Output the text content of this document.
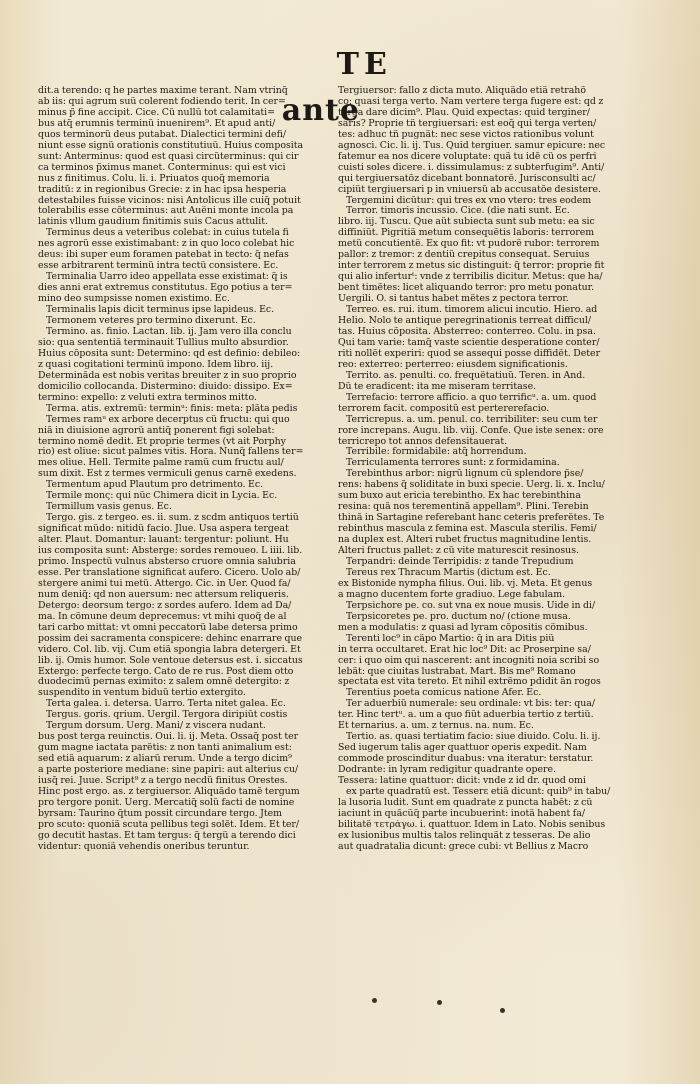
T ante
E
dit.a terendo: q he partes maxime terant. Nam vtrinq̃
ab iis: qui agrum suũ colerent fodiendo terit. In cer=
minus p̃ fine accipit. Cice. Cũ nullũ tot calamitati=
bus atq̃ erumnis terminũ inuenirem⁹. Et apud anti/
quos terminorũ deus putabat. Dialectici termini defi/
niunt esse signũ orationis constitutiuũ. Huius composita
sunt: Anterminus: quod est quasi circũterminus: qui cir
ca terminos p̃ximus manet. Conterminus: qui est vici
nus z finitimus. Colu. li. i. Priuatos quoq̃ memoria
traditũ: z in regionibus Grecie: z in hac ipsa hesperia
detestabiles fuisse vicinos: nisi Antolicus ille cuiq̃ potuit
tolerabilis esse cõterminus: aut Auẽni monte incola pa
latinis vllum gaudium finitimis suis Cacus attulit.
Terminus deus a veteribus colebat: in cuius tutela fi
nes agrorũ esse existimabant: z in quo loco colebat hic
deus: ibi super eum foramen patebat in tecto: q̃ nefas
esse arbitrarent terminũ intra tectũ consistere. Ec.
Terminalia Uarro ideo appellata esse existimat: q̃ is
dies anni erat extremus constitutus. Ego potius a ter=
mino deo sumpsisse nomen existimo. Ec.
Terminalis lapis dicit terminus ipse lapideus. Ec.
Termonem veteres pro termino dixerunt. Ec.
Termino. as. finio. Lactan. lib. ij. Jam vero illa conclu
sio: qua sententiã terminauit Tullius multo absurdior.
Huius cõposita sunt: Determino: qd est definio: debileo:
z quasi cogitationi terminũ impono. Idem libro. iij.
Determinãda est nobis veritas breuiter z in suo proprio
domicilio collocanda. Distermino: diuido: dissipo. Ex=
termino: expello: z veluti extra terminos mitto.
Terma. atis. extremũ: terminᵘ: finis: meta: plãta pedis
Termes ramᵘ ex arbore decerptus cũ fructu: qui quo
niã in diuisione agrorũ antiq̃ ponerent figi solebat:
termino nomẽ dedit. Et proprie termes (vt ait Porphy
rio) est oliue: sicut palmes vitis. Hora. Nunq̃ fallens ter=
mes oliue. Hell. Termite palme ramũ cum fructu aul/
sum dixit. Est z termes vermiculi genus carnẽ exedens.
Termentum apud Plautum pro detrimento. Ec.
Termile monς: qui nũc Chimera dicit in Lycia. Ec.
Termillum vasis genus. Ec.
Tergo. gis. z tergeo. es. ii. sum. z scd̃m antiquos tertiũ
significat mũdo: nitidũ facio. Jlue. Usa aspera tergeat
alter. Plaut. Domantur: lauant: tergentur: poliunt. Hu
ius composita sunt: Absterge: sordes remoueo. L iiii. lib.
primo. Inspectũ vulnus absterso cruore omnia salubria
esse. Per translatione significat aufero. Cicero. Uolo ab/
stergere animi tui metũ. Attergo. Cic. in Uer. Quod fa/
num deniq̃: qd non auersum: nec attersum reliqueris.
Detergo: deorsum tergo: z sordes aufero. Idem ad Da/
ma. In cõmune deum deprecemus: vt mihi quoq̃ de al
tari carbo mittat: vt omni peccatorũ labe detersa primo
possim dei sacramenta conspicere: dehinc enarrare que
videro. Col. lib. vij. Cum etiã spongia labra detergeri. Et
lib. ij. Omis humor. Sole ventoue detersus est. i. siccatus
Extergo: perfecte tergo. Cato de re rus. Post diem otto
duodecimũ pernas eximito: z salem omnẽ detergito: z
suspendito in ventum biduũ tertio extergito.
Terta galea. i. detersa. Uarro. Terta nitet galea. Ec.
Tergus. goris. qrium. Uergil. Tergora diripiũt costis
Tergum dorsum. Uerg. Mani/ z viscera nudant.
bus post terga reuinctis. Oui. li. ij. Meta. Ossaq̃ post ter
gum magne iactata parẽtis: z non tanti animalium est:
sed etiã aquarum: z aliarũ rerum. Unde a tergo dicim⁹
a parte posteriore mediane: sine papiri: aut alterius cu/
iusq̃ rei. Juue. Script⁹ z a tergo necdũ finitus Orestes.
Hinc post ergo. as. z tergiuersor. Aliquãdo tamẽ tergum
pro tergore ponit. Uerg. Mercatiq̃ solũ facti de nomine
byrsam: Taurino q̃tum possit circundare tergo. Jtem
pro scuto: quoniã scuta pellibus tegi solẽt. Idem. Et ter/
go decutit hastas. Et tam tergus: q̃ tergũ a terendo dici
videntur: quoniã vehendis oneribus teruntur.
Tergiuersor: fallo z dicta muto. Aliquãdo etiã retrahõ
co: quasi terga verto. Nam vertere terga fugere est: qd z
terga dare dicim⁹. Plau. Quid expectas: quid terginer/
saris? Proprie tñ tergiuersari: est eoq̃ qui terga verten/
tes: adhuc tñ pugnãt: nec sese victos rationibus volunt
agnosci. Cic. li. ij. Tus. Quid tergiuer. samur epicure: nec
fatemur ea nos dicere voluptate: quã tu idẽ cũ os perfri
cuisti soles dicere. i. dissimulamus: z subterfugim⁹. Anti/
qui tergiuersatõz dicebant bonnatorẽ. Jurisconsulti ac/
cipiũt tergiuersari p in vniuersũ ab accusatõe desistere.
Tergemini dicũtur: qui tres ex vno vtero: tres eodem
Terror. timoris incussio. Cice. (die nati sunt. Ec.
libro. iij. Tuscu. Que aũt subiecta sunt sub metu: ea sic
diffiniũt. Pigritiã metum consequẽtis laboris: terrorem
metũ concutientẽ. Ex quo fit: vt pudorẽ rubor: terrorem
pallor: z tremor: z dentiũ crepitus consequat. Seruius
inter terrorem z metus sic distinguit: q̃ terror: proprie fit
qui alio inferturᵗ: vnde z terribilis dicitur. Metus: que ha/
bent timẽtes: licet aliquando terror: pro metu ponatur.
Uergili. O. si tantus habet mẽtes z pectora terror.
Terreo. es. rui. itum. timorem alicui incutio. Hiero. ad
Helio. Nolo te antique peregrinationis terreat difficul/
tas. Huius cõposita. Absterreo: conterreo. Colu. in psa.
Qui tam varie: tamq̃ vaste scientie desperatione conter/
riti nollẽt experiri: quod se assequi posse diffidẽt. Deter
reo: exterreo: perterreo: eiusdem significationis.
Territo. as. penulti. co. frequẽtatiuũ. Teren. in And.
Dũ te eradicent: ita me miseram territase.
Terrefacio: terrore afficio. a quo terrificᵘ. a. um. quod
terrorem facit. compositũ est pertererefacio.
Terricrepus. a. um. penul. co. terribiliter: seu cum ter
rore increpans. Augu. lib. viij. Confe. Que iste senex: ore
terricrepo tot annos defensitauerat.
Terribile: formidabile: atq̃ horrendum.
Terriculamenta terrores sunt: z formidamina.
Terebinthus arbor: nigrũ lignum cũ splendore p̃se/
rens: habens q̃ soliditate in buxi specie. Uerg. li. x. Inclu/
sum buxo aut ericia terebintho. Ex hac terebinthina
resina: quã nos terementinã appellam⁹. Plini. Terebin
thinã in Sartagine referebant hanc ceteris preferẽtes. Te
rebinthus mascula z femina est. Mascula sterilis. Femi/
na duplex est. Alteri rubet fructus magnitudine lentis.
Alteri fructus pallet: z cũ vite maturescit resinosus.
Terpandri: deinde Terripidis: z tande Trepudium
Tereus rex Thracum Martis (dictum est. Ec.
ex Bistonide nympha filius. Oui. lib. vj. Meta. Et genus
a magno ducentem forte gradiuo. Lege fabulam.
Terpsichore pe. co. sut vna ex noue musis. Uide in di/
Terpsicoretes pe. pro. ductum no/ (ctione musa.
men a modulatis: z quasi ad lyram cõpositis cõmibus.
Terenti loc⁹ in cãpo Martio: q̃ in ara Ditis piũ
in terra occultaret. Erat hic loc⁹ Dit: ac Proserpine sa/
cer: i quo oim qui nascerent: ant incogniti noia scribi so
lebãt: que ciuitas lustrabat. Mart. Bis me⁹ Romano
spectata est vita tereto. Et nihil extrẽmo pdidit ãn rogos
Terentius poeta comicus natione Afer. Ec.
Ter aduerbiũ numerale: seu ordinale: vt bis: ter: qua/
ter. Hinc tertᵘ. a. um a quo fiũt aduerbia tertio z tertiũ.
Et ternarius. a. um. z ternus. na. num. Ec.
Tertio. as. quasi tertiatim facio: siue diuido. Colu. li. ij.
Sed iugerum talis ager quattuor operis expedit. Nam
commode proscinditur duabus: vna iteratur: terstatur.
Dodrante: in lyram redigitur quadrante opere.
Tessera: latine quattuor: dicit: vnde z id dr. quod omi
ex parte quadratũ est. Tesserε etiã dicunt: quib⁹ in tabu/
la lusoria ludit. Sunt em quadrate z puncta habẽt: z cũ
iaciunt in quãcũq̃ parte incubuerint: inotã habent fa/
bilitatẽ τετράγω. i. quattuor. Idem in Lato. Nobis senibus
ex lusionibus multis talos relinquãt z tesseras. De alio
aut quadratalia dicunt: grece cubi: vt Bellius z Macro
